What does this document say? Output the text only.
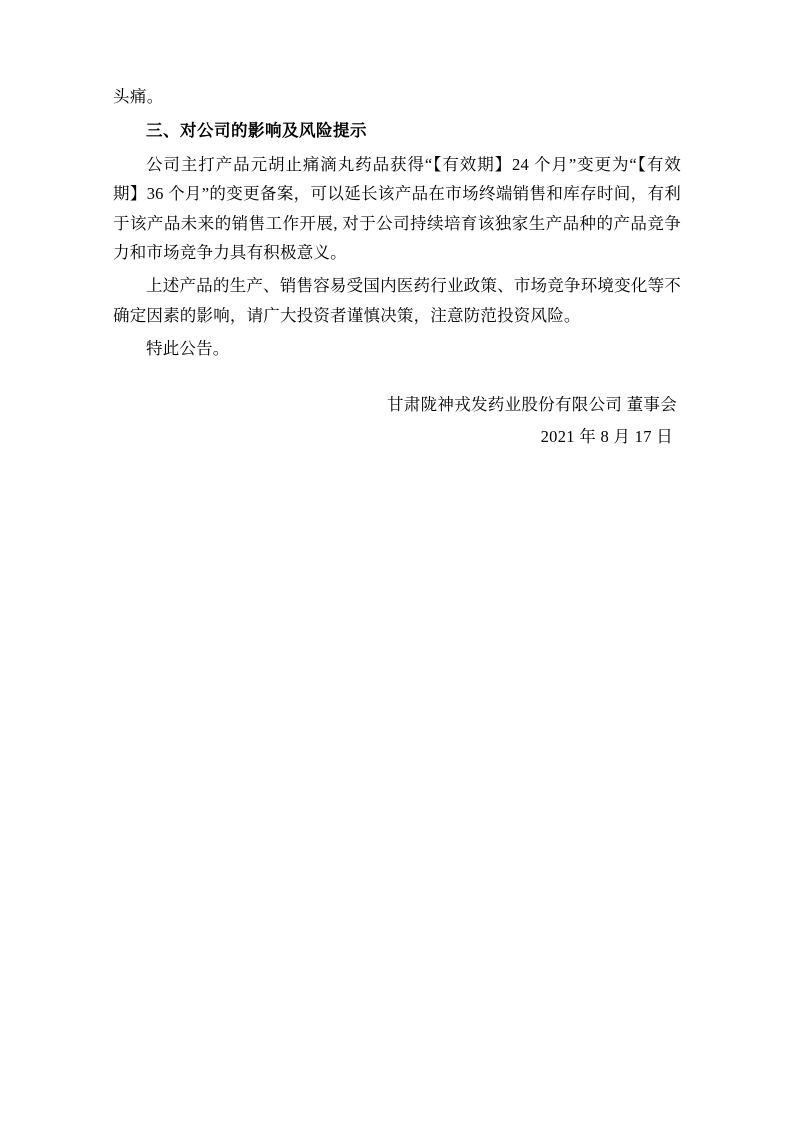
头痛。

三、对公司的影响及风险提示

公司主打产品元胡止痛滴丸药品获得“【有效期】24 个月”变更为“【有效期】36 个月”的变更备案，可以延长该产品在市场终端销售和库存时间，有利于该产品未来的销售工作开展, 对于公司持续培育该独家生产品种的产品竞争力和市场竞争力具有积极意义。

上述产品的生产、销售容易受国内医药行业政策、市场竞争环境变化等不确定因素的影响，请广大投资者谨慎决策，注意防范投资风险。

特此公告。

甘肃陇神戎发药业股份有限公司 董事会
2021 年 8 月 17 日
